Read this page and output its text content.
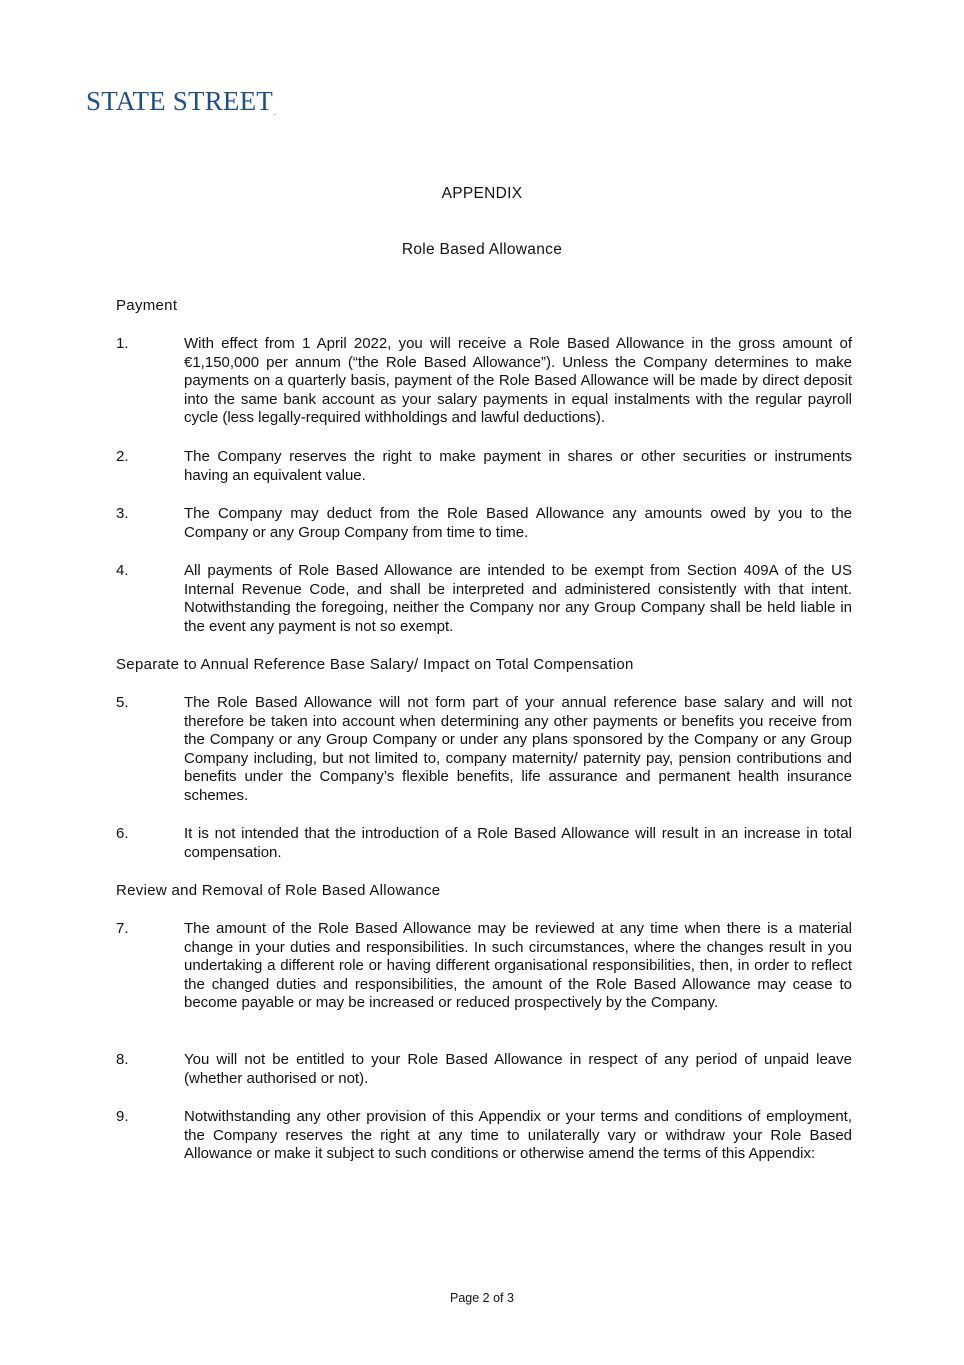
STATE STREET.
APPENDIX
Role Based Allowance
Payment
1.	With effect from 1 April 2022, you will receive a Role Based Allowance in the gross amount of €1,150,000 per annum (“the Role Based Allowance”). Unless the Company determines to make payments on a quarterly basis, payment of the Role Based Allowance will be made by direct deposit into the same bank account as your salary payments in equal instalments with the regular payroll cycle (less legally-required withholdings and lawful deductions).
2.	The Company reserves the right to make payment in shares or other securities or instruments having an equivalent value.
3.	The Company may deduct from the Role Based Allowance any amounts owed by you to the Company or any Group Company from time to time.
4.	All payments of Role Based Allowance are intended to be exempt from Section 409A of the US Internal Revenue Code, and shall be interpreted and administered consistently with that intent. Notwithstanding the foregoing, neither the Company nor any Group Company shall be held liable in the event any payment is not so exempt.
Separate to Annual Reference Base Salary/ Impact on Total Compensation
5.	The Role Based Allowance will not form part of your annual reference base salary and will not therefore be taken into account when determining any other payments or benefits you receive from the Company or any Group Company or under any plans sponsored by the Company or any Group Company including, but not limited to, company maternity/ paternity pay, pension contributions and benefits under the Company’s flexible benefits, life assurance and permanent health insurance schemes.
6.	It is not intended that the introduction of a Role Based Allowance will result in an increase in total compensation.
Review and Removal of Role Based Allowance
7.	The amount of the Role Based Allowance may be reviewed at any time when there is a material change in your duties and responsibilities. In such circumstances, where the changes result in you undertaking a different role or having different organisational responsibilities, then, in order to reflect the changed duties and responsibilities, the amount of the Role Based Allowance may cease to become payable or may be increased or reduced prospectively by the Company.
8.	You will not be entitled to your Role Based Allowance in respect of any period of unpaid leave (whether authorised or not).
9.	Notwithstanding any other provision of this Appendix or your terms and conditions of employment, the Company reserves the right at any time to unilaterally vary or withdraw your Role Based Allowance or make it subject to such conditions or otherwise amend the terms of this Appendix:
Page 2 of 3
